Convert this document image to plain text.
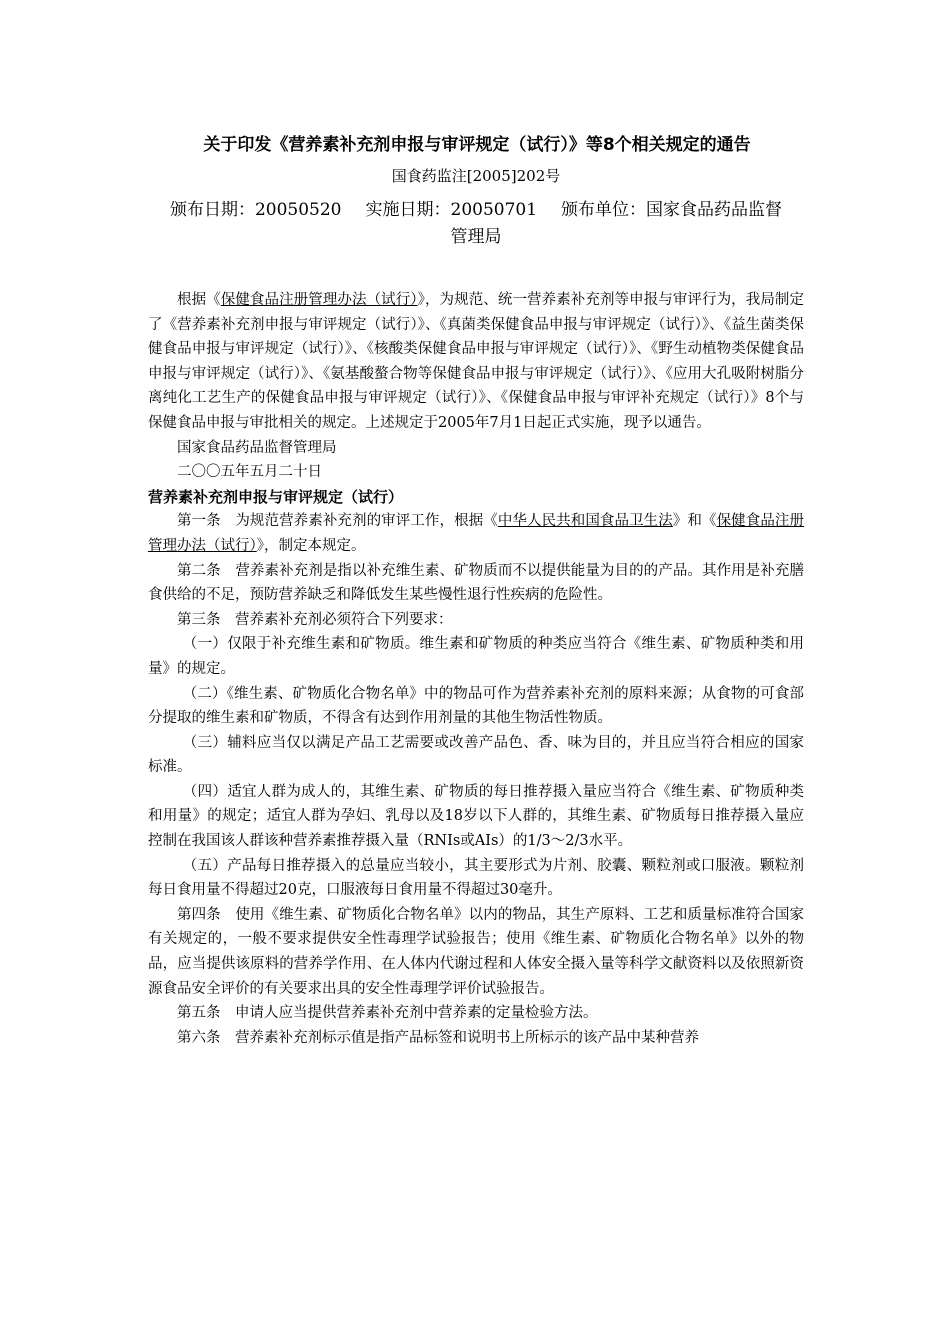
关于印发《营养素补充剂申报与审评规定（试行）》等8个相关规定的通告
国食药监注[2005]202号
颁布日期：20050520 实施日期：20050701 颁布单位：国家食品药品监督
管理局

根据《保健食品注册管理办法（试行）》，为规范、统一营养素补充剂等申报与审评行为，我局制定了《营养素补充剂申报与审评规定（试行）》、《真菌类保健食品申报与审评规定（试行）》、《益生菌类保健食品申报与审评规定（试行）》、《核酸类保健食品申报与审评规定（试行）》、《野生动植物类保健食品申报与审评规定（试行）》、《氨基酸螯合物等保健食品申报与审评规定（试行）》、《应用大孔吸附树脂分离纯化工艺生产的保健食品申报与审评规定（试行）》、《保健食品申报与审评补充规定（试行）》8个与保健食品申报与审批相关的规定。上述规定于2005年7月1日起正式实施，现予以通告。

国家食品药品监督管理局

二〇〇五年五月二十日

营养素补充剂申报与审评规定（试行）

第一条　为规范营养素补充剂的审评工作，根据《中华人民共和国食品卫生法》和《保健食品注册管理办法（试行）》，制定本规定。

第二条　营养素补充剂是指以补充维生素、矿物质而不以提供能量为目的的产品。其作用是补充膳食供给的不足，预防营养缺乏和降低发生某些慢性退行性疾病的危险性。

第三条　营养素补充剂必须符合下列要求：

（一）仅限于补充维生素和矿物质。维生素和矿物质的种类应当符合《维生素、矿物质种类和用量》的规定。

（二）《维生素、矿物质化合物名单》中的物品可作为营养素补充剂的原料来源；从食物的可食部分提取的维生素和矿物质，不得含有达到作用剂量的其他生物活性物质。

（三）辅料应当仅以满足产品工艺需要或改善产品色、香、味为目的，并且应当符合相应的国家标准。

（四）适宜人群为成人的，其维生素、矿物质的每日推荐摄入量应当符合《维生素、矿物质种类和用量》的规定；适宜人群为孕妇、乳母以及18岁以下人群的，其维生素、矿物质每日推荐摄入量应控制在我国该人群该种营养素推荐摄入量（RNIs或AIs）的1/3～2/3水平。

（五）产品每日推荐摄入的总量应当较小，其主要形式为片剂、胶囊、颗粒剂或口服液。颗粒剂每日食用量不得超过20克，口服液每日食用量不得超过30毫升。

第四条　使用《维生素、矿物质化合物名单》以内的物品，其生产原料、工艺和质量标准符合国家有关规定的，一般不要求提供安全性毒理学试验报告；使用《维生素、矿物质化合物名单》以外的物品，应当提供该原料的营养学作用、在人体内代谢过程和人体安全摄入量等科学文献资料以及依照新资源食品安全评价的有关要求出具的安全性毒理学评价试验报告。

第五条　申请人应当提供营养素补充剂中营养素的定量检验方法。

第六条　营养素补充剂标示值是指产品标签和说明书上所标示的该产品中某种营养
